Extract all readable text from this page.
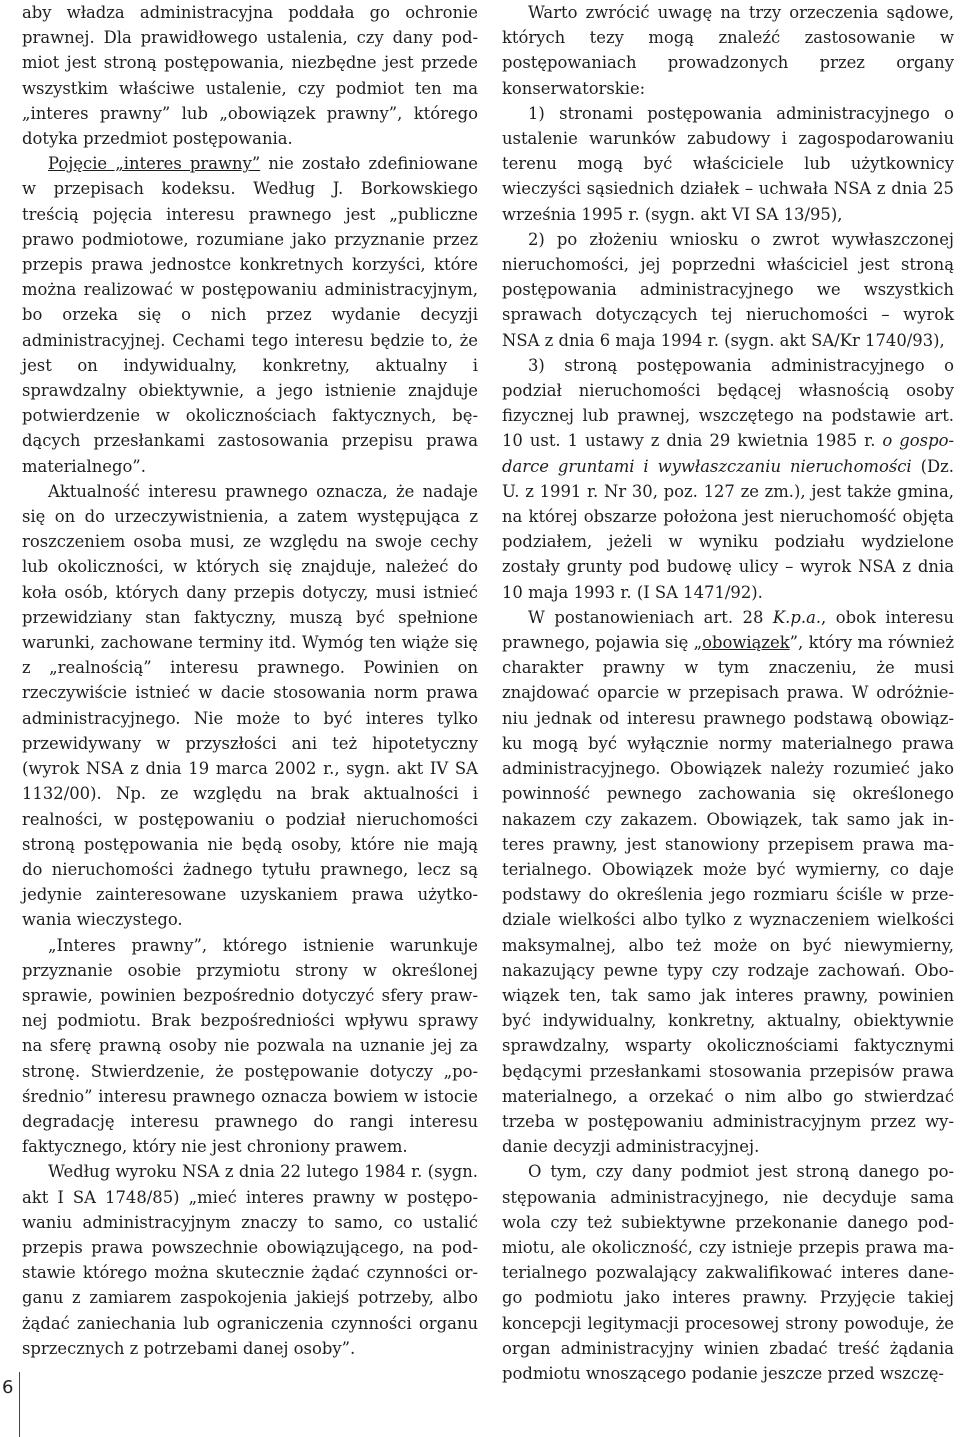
aby władza administracyjna poddała go ochronie prawnej. Dla prawidłowego ustalenia, czy dany podmiot jest stroną postępowania, niezbędne jest przede wszystkim właściwe ustalenie, czy podmiot ten ma „interes prawny” lub „obowiązek prawny”, którego dotyka przedmiot postępowania.

Pojęcie „interes prawny” nie zostało zdefiniowane w przepisach kodeksu. Według J. Borkowskiego treścią pojęcia interesu prawnego jest „publiczne prawo podmiotowe, rozumiane jako przyznanie przez przepis prawa jednostce konkretnych korzyści, które można realizować w postępowaniu administracyjnym, bo orzeka się o nich przez wydanie decyzji administracyjnej. Cechami tego interesu będzie to, że jest on indywidualny, konkretny, aktualny i sprawdzalny obiektywnie, a jego istnienie znajduje potwierdzenie w okolicznościach faktycznych, będących przesłankami zastosowania przepisu prawa materialnego”.

Aktualność interesu prawnego oznacza, że nadaje się on do urzeczywistnienia, a zatem występująca z roszczeniem osoba musi, ze względu na swoje cechy lub okoliczności, w których się znajduje, należeć do koła osób, których dany przepis dotyczy, musi istnieć przewidziany stan faktyczny, muszą być spełnione warunki, zachowane terminy itd. Wymóg ten wiąże się z „realnością” interesu prawnego. Powinien on rzeczywiście istnieć w dacie stosowania norm prawa administracyjnego. Nie może to być interes tylko przewidywany w przyszłości ani też hipotetyczny (wyrok NSA z dnia 19 marca 2002 r., sygn. akt IV SA 1132/00). Np. ze względu na brak aktualności i realności, w postępowaniu o podział nieruchomości stroną postępowania nie będą osoby, które nie mają do nieruchomości żadnego tytułu prawnego, lecz są jedynie zainteresowane uzyskaniem prawa użytkowania wieczystego.

„Interes prawny”, którego istnienie warunkuje przyznanie osobie przymiotu strony w określonej sprawie, powinien bezpośrednio dotyczyć sfery prawnej podmiotu. Brak bezpośredniości wpływu sprawy na sferę prawną osoby nie pozwala na uznanie jej za stronę. Stwierdzenie, że postępowanie dotyczy „pośrednio” interesu prawnego oznacza bowiem w istocie degradację interesu prawnego do rangi interesu faktycznego, który nie jest chroniony prawem.

Według wyroku NSA z dnia 22 lutego 1984 r. (sygn. akt I SA 1748/85) „mieć interes prawny w postępowaniu administracyjnym znaczy to samo, co ustalić przepis prawa powszechnie obowiązującego, na podstawie którego można skutecznie żądać czynności organu z zamiarem zaspokojenia jakiejś potrzeby, albo żądać zaniechania lub ograniczenia czynności organu sprzecznych z potrzebami danej osoby”.

Warto zwrócić uwagę na trzy orzeczenia sądowe, których tezy mogą znaleźć zastosowanie w postępowaniach prowadzonych przez organy konserwatorskie:

1) stronami postępowania administracyjnego o ustalenie warunków zabudowy i zagospodarowaniu terenu mogą być właściciele lub użytkownicy wieczyści sąsiednich działek – uchwała NSA z dnia 25 września 1995 r. (sygn. akt VI SA 13/95),

2) po złożeniu wniosku o zwrot wywłaszczonej nieruchomości, jej poprzedni właściciel jest stroną postępowania administracyjnego we wszystkich sprawach dotyczących tej nieruchomości – wyrok NSA z dnia 6 maja 1994 r. (sygn. akt SA/Kr 1740/93),

3) stroną postępowania administracyjnego o podział nieruchomości będącej własnością osoby fizycznej lub prawnej, wszczętego na podstawie art. 10 ust. 1 ustawy z dnia 29 kwietnia 1985 r. o gospodarce gruntami i wywłaszczaniu nieruchomości (Dz. U. z 1991 r. Nr 30, poz. 127 ze zm.), jest także gmina, na której obszarze położona jest nieruchomość objęta podziałem, jeżeli w wyniku podziału wydzielone zostały grunty pod budowę ulicy – wyrok NSA z dnia 10 maja 1993 r. (I SA 1471/92).

W postanowieniach art. 28 K.p.a., obok interesu prawnego, pojawia się „obowiązek”, który ma również charakter prawny w tym znaczeniu, że musi znajdować oparcie w przepisach prawa. W odróżnieniu jednak od interesu prawnego podstawą obowiązku mogą być wyłącznie normy materialnego prawa administracyjnego. Obowiązek należy rozumieć jako powinność pewnego zachowania się określonego nakazem czy zakazem. Obowiązek, tak samo jak interes prawny, jest stanowiony przepisem prawa materialnego. Obowiązek może być wymierny, co daje podstawy do określenia jego rozmiaru ściśle w przedziale wielkości albo tylko z wyznaczeniem wielkości maksymalnej, albo też może on być niewymierny, nakazujący pewne typy czy rodzaje zachowań. Obowiązek ten, tak samo jak interes prawny, powinien być indywidualny, konkretny, aktualny, obiektywnie sprawdzalny, wsparty okolicznościami faktycznymi będącymi przesłankami stosowania przepisów prawa materialnego, a orzekać o nim albo go stwierdzać trzeba w postępowaniu administracyjnym przez wydanie decyzji administracyjnej.

O tym, czy dany podmiot jest stroną danego postępowania administracyjnego, nie decyduje sama wola czy też subiektywne przekonanie danego podmiotu, ale okoliczność, czy istnieje przepis prawa materialnego pozwalający zakwalifikować interes danego podmiotu jako interes prawny. Przyjęcie takiej koncepcji legitymacji procesowej strony powoduje, że organ administracyjny winien zbadać treść żądania podmiotu wnoszącego podanie jeszcze przed wszczę-

6
